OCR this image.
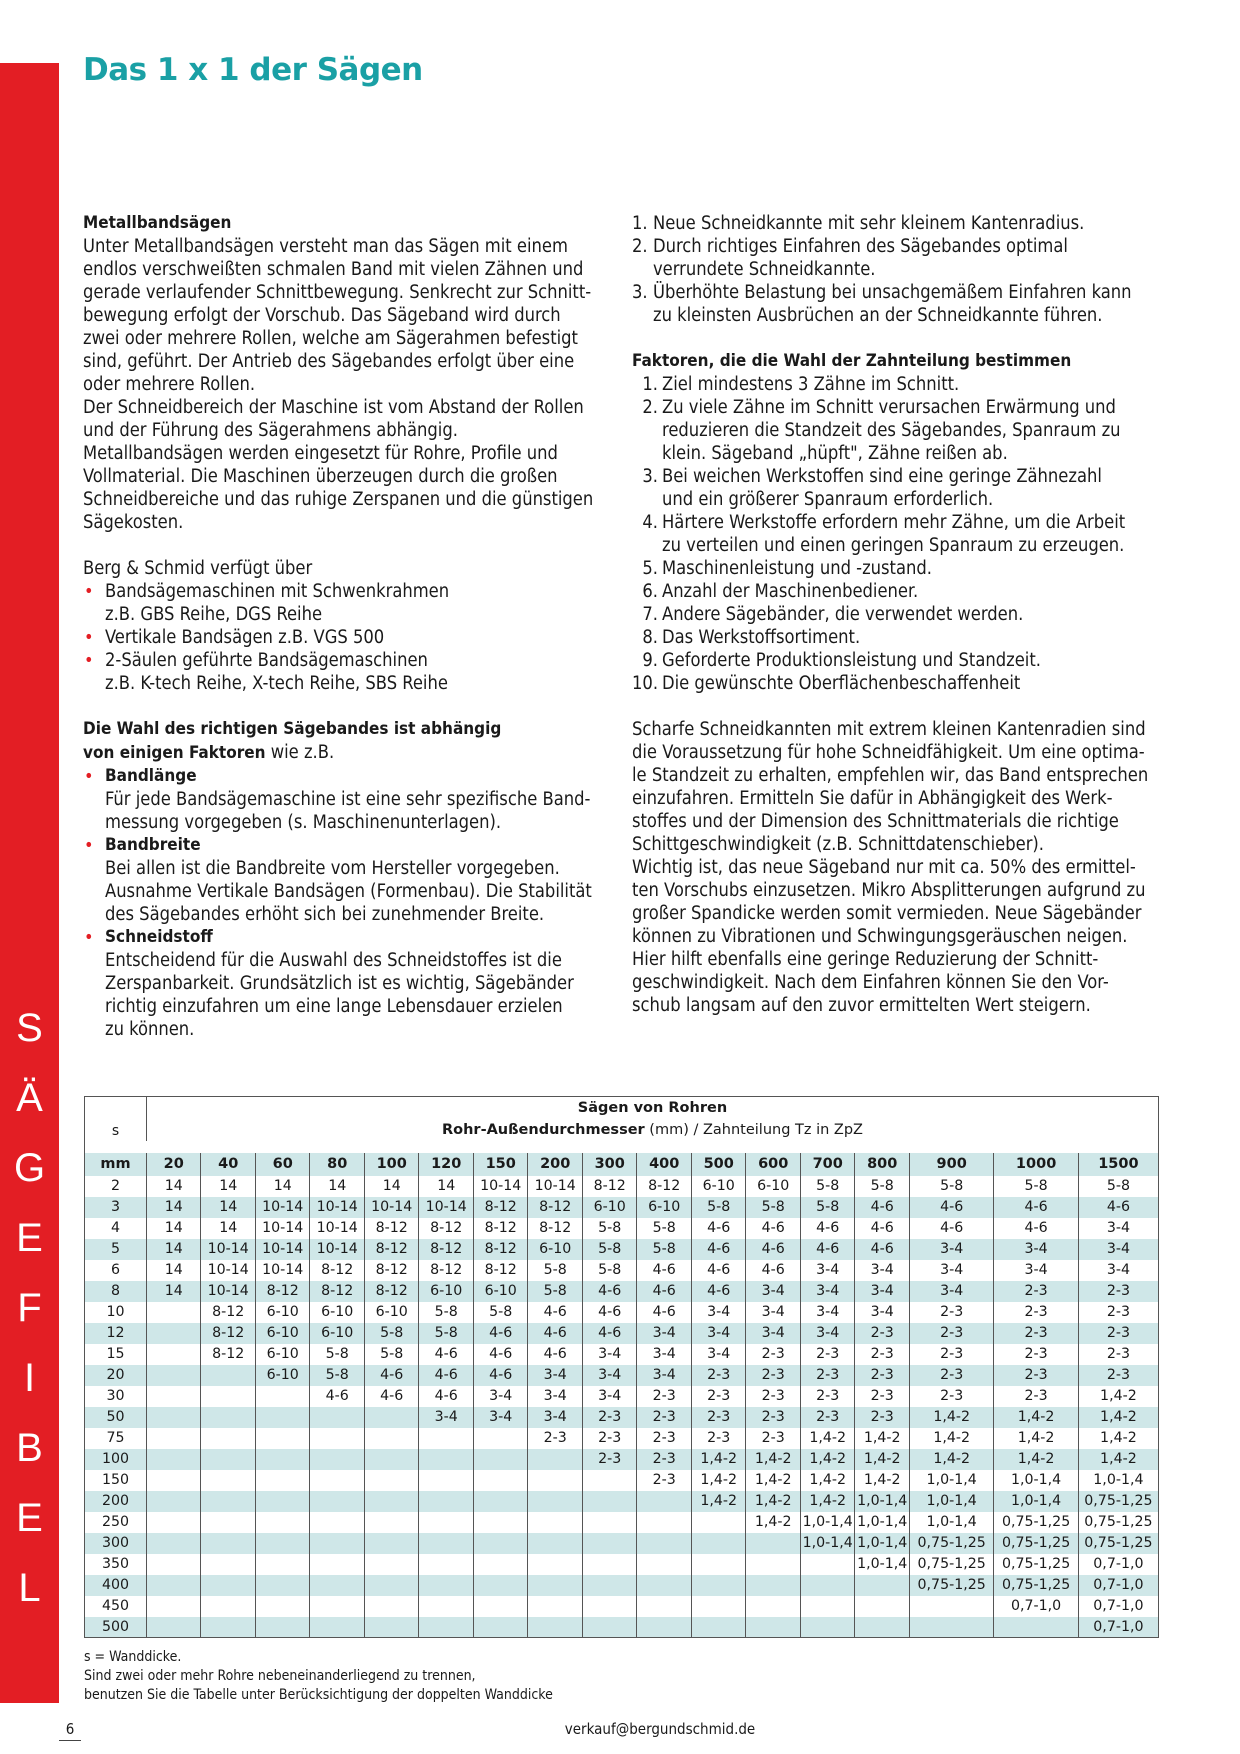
S
Ä
G
E
F
I
B
E
L
Das 1 x 1 der Sägen

Metallbandsägen

Unter Metallbandsägen versteht man das Sägen mit einem
endlos verschweißten schmalen Band mit vielen Zähnen und
gerade verlaufender Schnittbewegung. Senkrecht zur Schnitt-
bewegung erfolgt der Vorschub. Das Sägeband wird durch
zwei oder mehrere Rollen, welche am Sägerahmen befestigt
sind, geführt. Der Antrieb des Sägebandes erfolgt über eine
oder mehrere Rollen.
Der Schneidbereich der Maschine ist vom Abstand der Rollen
und der Führung des Sägerahmens abhängig.
Metallbandsägen werden eingesetzt für Rohre, Profile und
Vollmaterial. Die Maschinen überzeugen durch die großen
Schneidbereiche und das ruhige Zerspanen und die günstigen
Sägekosten.

Berg & Schmid verfügt über

• Bandsägemaschinen mit Schwenkrahmen
z.B. GBS Reihe, DGS Reihe
• Vertikale Bandsägen z.B. VGS 500
• 2-Säulen geführte Bandsägemaschinen
z.B. K-tech Reihe, X-tech Reihe, SBS Reihe

Die Wahl des richtigen Sägebandes ist abhängig

von einigen Faktoren wie z.B.

• Bandlänge
Für jede Bandsägemaschine ist eine sehr spezifische Band-
messung vorgegeben (s. Maschinenunterlagen).
• Bandbreite
Bei allen ist die Bandbreite vom Hersteller vorgegeben.
Ausnahme Vertikale Bandsägen (Formenbau). Die Stabilität
des Sägebandes erhöht sich bei zunehmender Breite.
• Schneidstoff
Entscheidend für die Auswahl des Schneidstoffes ist die
Zerspanbarkeit. Grundsätzlich ist es wichtig, Sägebänder
richtig einzufahren um eine lange Lebensdauer erzielen
zu können.
1. Neue Schneidkannte mit sehr kleinem Kantenradius.
2. Durch richtiges Einfahren des Sägebandes optimal
verrundete Schneidkannte.
3. Überhöhte Belastung bei unsachgemäßem Einfahren kann
zu kleinsten Ausbrüchen an der Schneidkannte führen.

Faktoren, die die Wahl der Zahnteilung bestimmen

1. Ziel mindestens 3 Zähne im Schnitt.
2. Zu viele Zähne im Schnitt verursachen Erwärmung und
reduzieren die Standzeit des Sägebandes, Spanraum zu
klein. Sägeband „hüpft", Zähne reißen ab.
3. Bei weichen Werkstoffen sind eine geringe Zähnezahl
und ein größerer Spanraum erforderlich.
4. Härtere Werkstoffe erfordern mehr Zähne, um die Arbeit
zu verteilen und einen geringen Spanraum zu erzeugen.
5. Maschinenleistung und -zustand.
6. Anzahl der Maschinenbediener.
7. Andere Sägebänder, die verwendet werden.
8. Das Werkstoffsortiment.
9. Geforderte Produktionsleistung und Standzeit.
10. Die gewünschte Oberflächenbeschaffenheit
Scharfe Schneidkannten mit extrem kleinen Kantenradien sind
die Voraussetzung für hohe Schneidfähigkeit. Um eine optima-
le Standzeit zu erhalten, empfehlen wir, das Band entsprechen
einzufahren. Ermitteln Sie dafür in Abhängigkeit des Werk-
stoffes und der Dimension des Schnittmaterials die richtige
Schittgeschwindigkeit (z.B. Schnittdatenschieber).
Wichtig ist, das neue Sägeband nur mit ca. 50% des ermittel-
ten Vorschubs einzusetzen. Mikro Absplitterungen aufgrund zu
großer Spandicke werden somit vermieden. Neue Sägebänder
können zu Vibrationen und Schwingungsgeräuschen neigen.
Hier hilft ebenfalls eine geringe Reduzierung der Schnitt-
geschwindigkeit. Nach dem Einfahren können Sie den Vor-
schub langsam auf den zuvor ermittelten Wert steigern.
s	Sägen von Rohren																
	Rohr-Außendurchmesser (mm) / Zahnteilung Tz in ZpZ																

mm	20	40	60	80	100	120	150	200	300	400	500	600	700	800	900	1000	1500
2	14	14	14	14	14	14	10-14	10-14	8-12	8-12	6-10	6-10	5-8	5-8	5-8	5-8	5-8
3	14	14	10-14	10-14	10-14	10-14	8-12	8-12	6-10	6-10	5-8	5-8	5-8	4-6	4-6	4-6	4-6
4	14	14	10-14	10-14	8-12	8-12	8-12	8-12	5-8	5-8	4-6	4-6	4-6	4-6	4-6	4-6	3-4
5	14	10-14	10-14	10-14	8-12	8-12	8-12	6-10	5-8	5-8	4-6	4-6	4-6	4-6	3-4	3-4	3-4
6	14	10-14	10-14	8-12	8-12	8-12	8-12	5-8	5-8	4-6	4-6	4-6	3-4	3-4	3-4	3-4	3-4
8	14	10-14	8-12	8-12	8-12	6-10	6-10	5-8	4-6	4-6	4-6	3-4	3-4	3-4	3-4	2-3	2-3
10		8-12	6-10	6-10	6-10	5-8	5-8	4-6	4-6	4-6	3-4	3-4	3-4	3-4	2-3	2-3	2-3
12		8-12	6-10	6-10	5-8	5-8	4-6	4-6	4-6	3-4	3-4	3-4	3-4	2-3	2-3	2-3	2-3
15		8-12	6-10	5-8	5-8	4-6	4-6	4-6	3-4	3-4	3-4	2-3	2-3	2-3	2-3	2-3	2-3
20			6-10	5-8	4-6	4-6	4-6	3-4	3-4	3-4	2-3	2-3	2-3	2-3	2-3	2-3	2-3
30				4-6	4-6	4-6	3-4	3-4	3-4	2-3	2-3	2-3	2-3	2-3	2-3	2-3	1,4-2
50						3-4	3-4	3-4	2-3	2-3	2-3	2-3	2-3	2-3	1,4-2	1,4-2	1,4-2
75								2-3	2-3	2-3	2-3	2-3	1,4-2	1,4-2	1,4-2	1,4-2	1,4-2
100									2-3	2-3	1,4-2	1,4-2	1,4-2	1,4-2	1,4-2	1,4-2	1,4-2
150										2-3	1,4-2	1,4-2	1,4-2	1,4-2	1,0-1,4	1,0-1,4	1,0-1,4
200											1,4-2	1,4-2	1,4-2	1,0-1,4	1,0-1,4	1,0-1,4	0,75-1,25
250												1,4-2	1,0-1,4	1,0-1,4	1,0-1,4	0,75-1,25	0,75-1,25
300													1,0-1,4	1,0-1,4	0,75-1,25	0,75-1,25	0,75-1,25
350														1,0-1,4	0,75-1,25	0,75-1,25	0,7-1,0
400															0,75-1,25	0,75-1,25	0,7-1,0
450																0,7-1,0	0,7-1,0
500																	0,7-1,0
s = Wanddicke.
Sind zwei oder mehr Rohre nebeneinanderliegend zu trennen,
benutzen Sie die Tabelle unter Berücksichtigung der doppelten Wanddicke
6	verkauf@bergundschmid.de
